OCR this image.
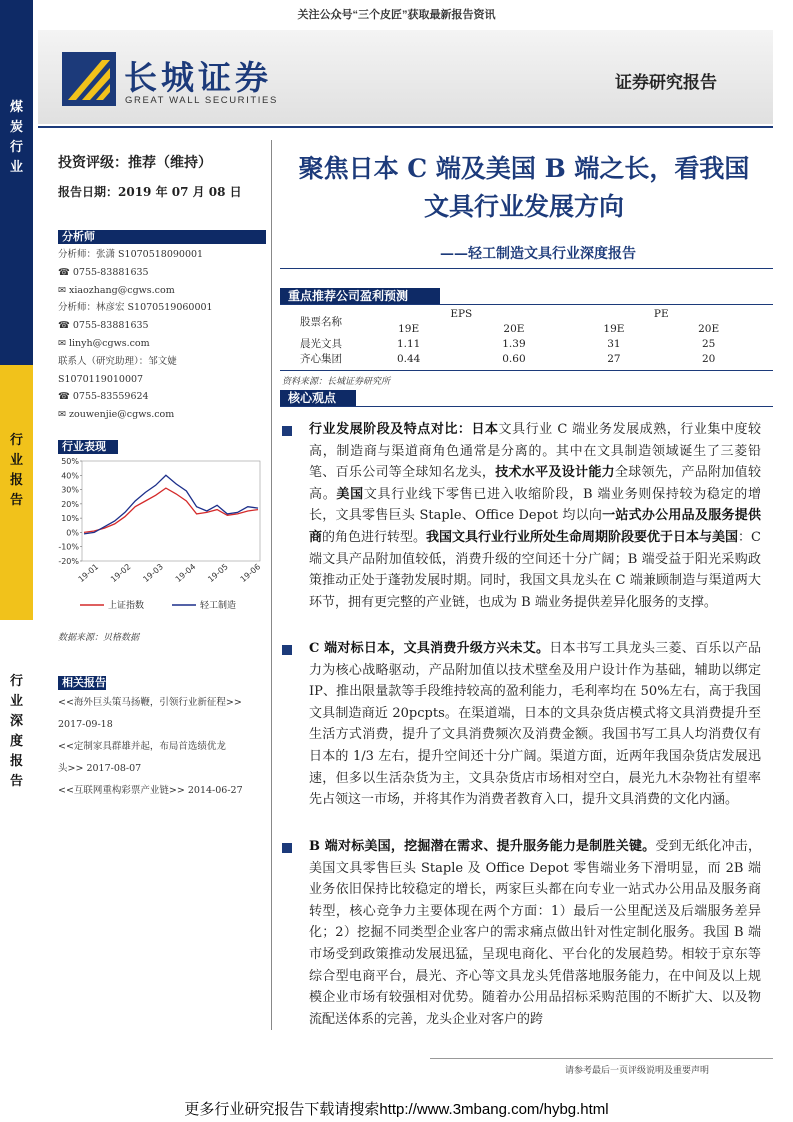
关注公众号“三个皮匠”获取最新报告资讯
煤
炭
行
业
行
业
报
告
行
业
深
度
报
告
长城证券
GREAT WALL SECURITIES
证券研究报告
投资评级：推荐（维持）
报告日期：2019 年 07 月 08 日
分析师
分析师：张潇 S1070518090001
☎ 0755-83881635
✉ xiaozhang@cgws.com
分析师：林彦宏 S1070519060001
☎ 0755-83881635
✉ linyh@cgws.com
联系人（研究助理）：邹文婕
S1070119010007
☎ 0755-83559624
✉ zouwenjie@cgws.com
行业表现
50%
40%
30%
20%
10%
0%
-10%
-20%
19-01 19-02 19-03 19-04 19-05 19-06
上证指数	轻工制造
数据来源：贝格数据
相关报告
<<海外巨头策马扬鞭，引领行业新征程>>
2017-09-18
<<定制家具群雄并起，布局首选绩优龙
头>> 2017-08-07
<<互联网重构彩票产业链>> 2014-06-27
聚焦日本 C 端及美国 B 端之长，看我国
文具行业发展方向
——轻工制造文具行业深度报告
重点推荐公司盈利预测
股票名称	EPS		PE	
	19E	20E	19E	20E
晨光文具	1.11	1.39	31	25
齐心集团	0.44	0.60	27	20
资料来源：长城证券研究所
核心观点
行业发展阶段及特点对比：日本文具行业 C 端业务发展成熟，行业集中度较高，制造商与渠道商角色通常是分离的。其中在文具制造领域诞生了三菱铅笔、百乐公司等全球知名龙头，技术水平及设计能力全球领先，产品附加值较高。美国文具行业线下零售已进入收缩阶段，B 端业务则保持较为稳定的增长，文具零售巨头 Staple、Office Depot 均以向一站式办公用品及服务提供商的角色进行转型。我国文具行业行业所处生命周期阶段要优于日本与美国：C 端文具产品附加值较低，消费升级的空间还十分广阔；B 端受益于阳光采购政策推动正处于蓬勃发展时期。同时，我国文具龙头在 C 端兼顾制造与渠道两大环节，拥有更完整的产业链，也成为 B 端业务提供差异化服务的支撑。
C 端对标日本，文具消费升级方兴未艾。日本书写工具龙头三菱、百乐以产品力为核心战略驱动，产品附加值以技术壁垒及用户设计作为基础，辅助以绑定 IP、推出限量款等手段维持较高的盈利能力，毛利率均在 50%左右，高于我国文具制造商近 20pcpts。在渠道端，日本的文具杂货店模式将文具消费提升至生活方式消费，提升了文具消费频次及消费金额。我国书写工具人均消费仅有日本的 1/3 左右，提升空间还十分广阔。渠道方面，近两年我国杂货店发展迅速，但多以生活杂货为主，文具杂货店市场相对空白，晨光九木杂物社有望率先占领这一市场，并将其作为消费者教育入口，提升文具消费的文化内涵。
B 端对标美国，挖掘潜在需求、提升服务能力是制胜关键。受到无纸化冲击，美国文具零售巨头 Staple 及 Office Depot 零售端业务下滑明显，而 2B 端业务依旧保持比较稳定的增长，两家巨头都在向专业一站式办公用品及服务商转型，核心竞争力主要体现在两个方面：1）最后一公里配送及后端服务差异化；2）挖掘不同类型企业客户的需求痛点做出针对性定制化服务。我国 B 端市场受到政策推动发展迅猛，呈现电商化、平台化的发展趋势。相较于京东等综合型电商平台，晨光、齐心等文具龙头凭借落地服务能力，在中间及以上规模企业市场有较强相对优势。随着办公用品招标采购范围的不断扩大、以及物流配送体系的完善，龙头企业对客户的跨
请参考最后一页评级说明及重要声明
更多行业研究报告下载请搜索http://www.3mbang.com/hybg.html
